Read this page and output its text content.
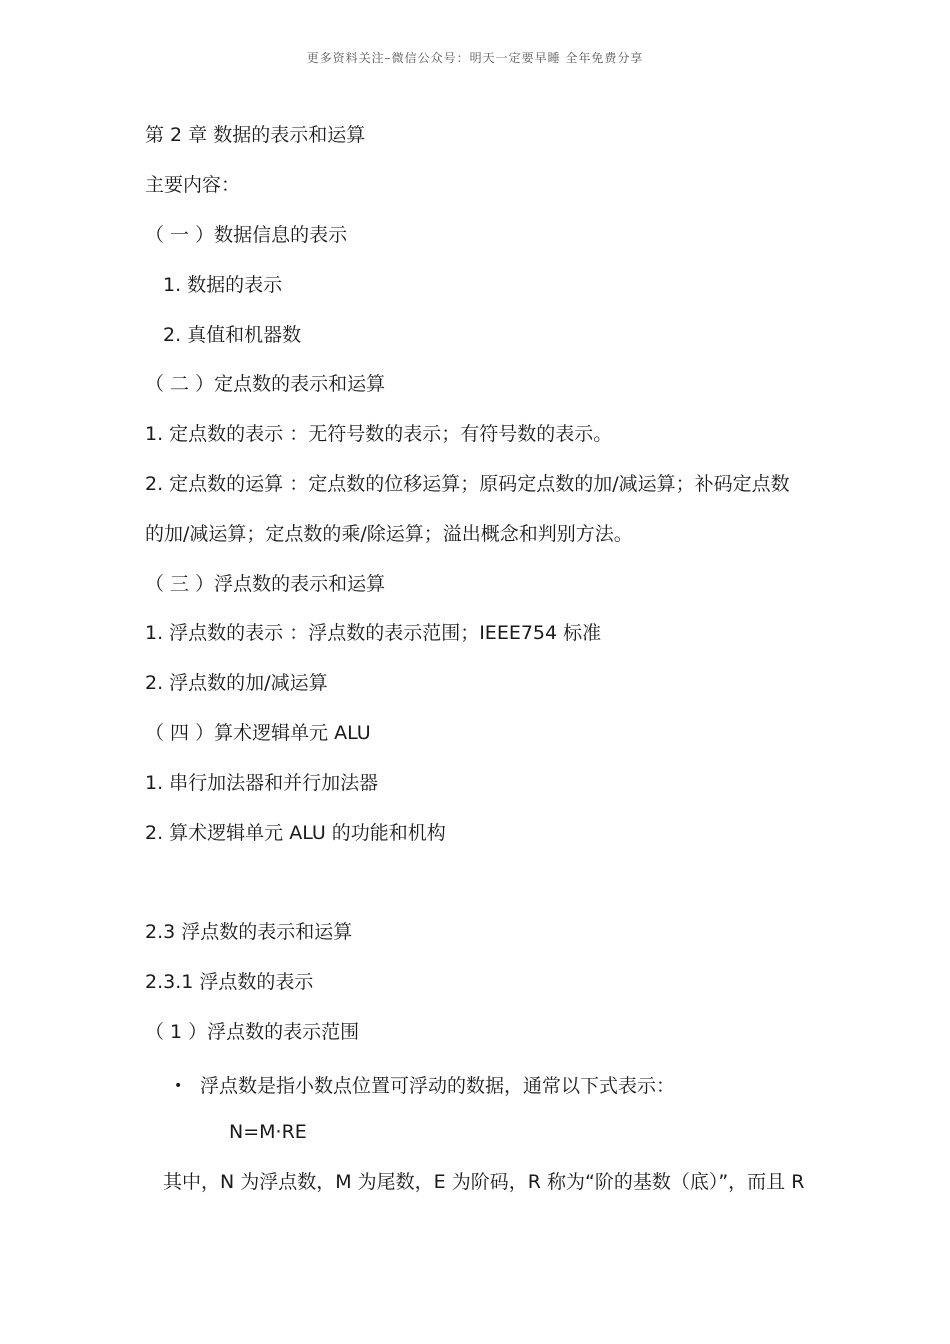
更多资料关注–微信公众号：明天一定要早睡 全年免费分享
第 2 章 数据的表示和运算
主要内容：
（ 一 ）数据信息的表示
1. 数据的表示
2. 真值和机器数
（ 二 ）定点数的表示和运算
1. 定点数的表示 ：无符号数的表示；有符号数的表示。
2. 定点数的运算 ：定点数的位移运算；原码定点数的加/减运算；补码定点数
的加/减运算；定点数的乘/除运算；溢出概念和判别方法。
（ 三 ）浮点数的表示和运算
1. 浮点数的表示 ：浮点数的表示范围；IEEE754 标准
2. 浮点数的加/减运算
（ 四 ）算术逻辑单元 ALU
1. 串行加法器和并行加法器
2. 算术逻辑单元 ALU 的功能和机构
2.3 浮点数的表示和运算
2.3.1 浮点数的表示
（ 1 ）浮点数的表示范围
• 浮点数是指小数点位置可浮动的数据，通常以下式表示：
N=M·RE
其中，N 为浮点数，M 为尾数，E 为阶码，R 称为“阶的基数（底）”，而且 R
